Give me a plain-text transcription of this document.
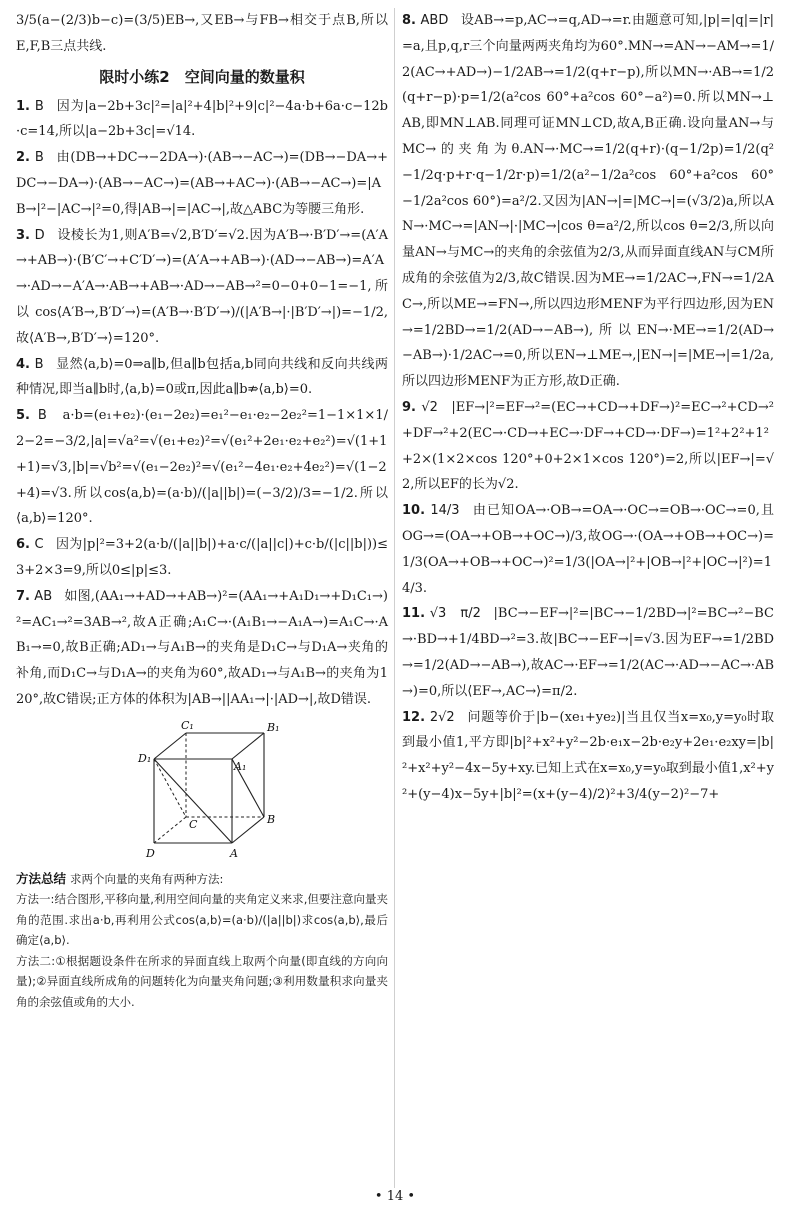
3/5(a−(2/3)b−c)=(3/5)EB→,又EB→与FB→相交于点B,所以E,F,B三点共线.

限时小练2　空间向量的数量积

1. B 因为|a−2b+3c|²=|a|²+4|b|²+9|c|²−4a·b+6a·c−12b·c=14,所以|a−2b+3c|=√14.

2. B 由(DB→+DC→−2DA→)·(AB→−AC→)=(DB→−DA→+DC→−DA→)·(AB→−AC→)=(AB→+AC→)·(AB→−AC→)=|AB→|²−|AC→|²=0,得|AB→|=|AC→|,故△ABC为等腰三角形.

3. D 设棱长为1,则A′B=√2,B′D′=√2.因为A′B→·B′D′→=(A′A→+AB→)·(B′C′→+C′D′→)=(A′A→+AB→)·(AD→−AB→)=A′A→·AD→−A′A→·AB→+AB→·AD→−AB→²=0−0+0−1=−1,所以cos⟨A′B→,B′D′→⟩=(A′B→·B′D′→)/(|A′B→|·|B′D′→|)=−1/2,故⟨A′B→,B′D′→⟩=120°.

4. B 显然⟨a,b⟩=0⇒a∥b,但a∥b包括a,b同向共线和反向共线两种情况,即当a∥b时,⟨a,b⟩=0或π,因此a∥b⇏⟨a,b⟩=0.

5. B a·b=(e₁+e₂)·(e₁−2e₂)=e₁²−e₁·e₂−2e₂²=1−1×1×1/2−2=−3/2,|a|=√a²=√(e₁+e₂)²=√(e₁²+2e₁·e₂+e₂²)=√(1+1+1)=√3,|b|=√b²=√(e₁−2e₂)²=√(e₁²−4e₁·e₂+4e₂²)=√(1−2+4)=√3.所以cos⟨a,b⟩=(a·b)/(|a||b|)=(−3/2)/3=−1/2.所以⟨a,b⟩=120°.

6. C 因为|p|²=3+2(a·b/(|a||b|)+a·c/(|a||c|)+c·b/(|c||b|))≤3+2×3=9,所以0≤|p|≤3.

7. AB 如图,(AA₁→+AD→+AB→)²=(AA₁→+A₁D₁→+D₁C₁→)²=AC₁→²=3AB→²,故A正确;A₁C→·(A₁B₁→−A₁A→)=A₁C→·AB₁→=0,故B正确;AD₁→与A₁B→的夹角是D₁C→与D₁A→夹角的补角,而D₁C→与D₁A→的夹角为60°,故AD₁→与A₁B→的夹角为120°,故C错误;正方体的体积为|AB→||AA₁→|·|AD→|,故D错误.

C₁	B₁
D₁
A₁
C	B
D	A
方法总结 求两个向量的夹角有两种方法:
方法一:结合图形,平移向量,利用空间向量的夹角定义来求,但要注意向量夹角的范围.求出a·b,再利用公式cos⟨a,b⟩=(a·b)/(|a||b|)求cos⟨a,b⟩,最后确定⟨a,b⟩.
方法二:①根据题设条件在所求的异面直线上取两个向量(即直线的方向向量);②异面直线所成角的问题转化为向量夹角问题;③利用数量积求向量夹角的余弦值或角的大小.

8. ABD 设AB→=p,AC→=q,AD→=r.由题意可知,|p|=|q|=|r|=a,且p,q,r三个向量两两夹角均为60°.MN→=AN→−AM→=1/2(AC→+AD→)−1/2AB→=1/2(q+r−p),所以MN→·AB→=1/2(q+r−p)·p=1/2(a²cos 60°+a²cos 60°−a²)=0.所以MN→⊥AB,即MN⊥AB.同理可证MN⊥CD,故A,B正确.设向量AN→与MC→的夹角为θ.AN→·MC→=1/2(q+r)·(q−1/2p)=1/2(q²−1/2q·p+r·q−1/2r·p)=1/2(a²−1/2a²cos 60°+a²cos 60°−1/2a²cos 60°)=a²/2.又因为|AN→|=|MC→|=(√3/2)a,所以AN→·MC→=|AN→|·|MC→|cos θ=a²/2,所以cos θ=2/3,所以向量AN→与MC→的夹角的余弦值为2/3,从而异面直线AN与CM所成角的余弦值为2/3,故C错误.因为ME→=1/2AC→,FN→=1/2AC→,所以ME→=FN→,所以四边形MENF为平行四边形,因为EN→=1/2BD→=1/2(AD→−AB→),所以EN→·ME→=1/2(AD→−AB→)·1/2AC→=0,所以EN→⊥ME→,|EN→|=|ME→|=1/2a,所以四边形MENF为正方形,故D正确.

9. √2 |EF→|²=EF→²=(EC→+CD→+DF→)²=EC→²+CD→²+DF→²+2(EC→·CD→+EC→·DF→+CD→·DF→)=1²+2²+1²+2×(1×2×cos 120°+0+2×1×cos 120°)=2,所以|EF→|=√2,所以EF的长为√2.

10. 14/3 由已知OA→·OB→=OA→·OC→=OB→·OC→=0,且OG→=(OA→+OB→+OC→)/3,故OG→·(OA→+OB→+OC→)=1/3(OA→+OB→+OC→)²=1/3(|OA→|²+|OB→|²+|OC→|²)=14/3.

11. √3　π/2 |BC→−EF→|²=|BC→−1/2BD→|²=BC→²−BC→·BD→+1/4BD→²=3.故|BC→−EF→|=√3.因为EF→=1/2BD→=1/2(AD→−AB→),故AC→·EF→=1/2(AC→·AD→−AC→·AB→)=0,所以⟨EF→,AC→⟩=π/2.

12. 2√2 问题等价于|b−(xe₁+ye₂)|当且仅当x=x₀,y=y₀时取到最小值1,平方即|b|²+x²+y²−2b·e₁x−2b·e₂y+2e₁·e₂xy=|b|²+x²+y²−4x−5y+xy.已知上式在x=x₀,y=y₀取到最小值1,x²+y²+(y−4)x−5y+|b|²=(x+(y−4)/2)²+3/4(y−2)²−7+

• 14 •
